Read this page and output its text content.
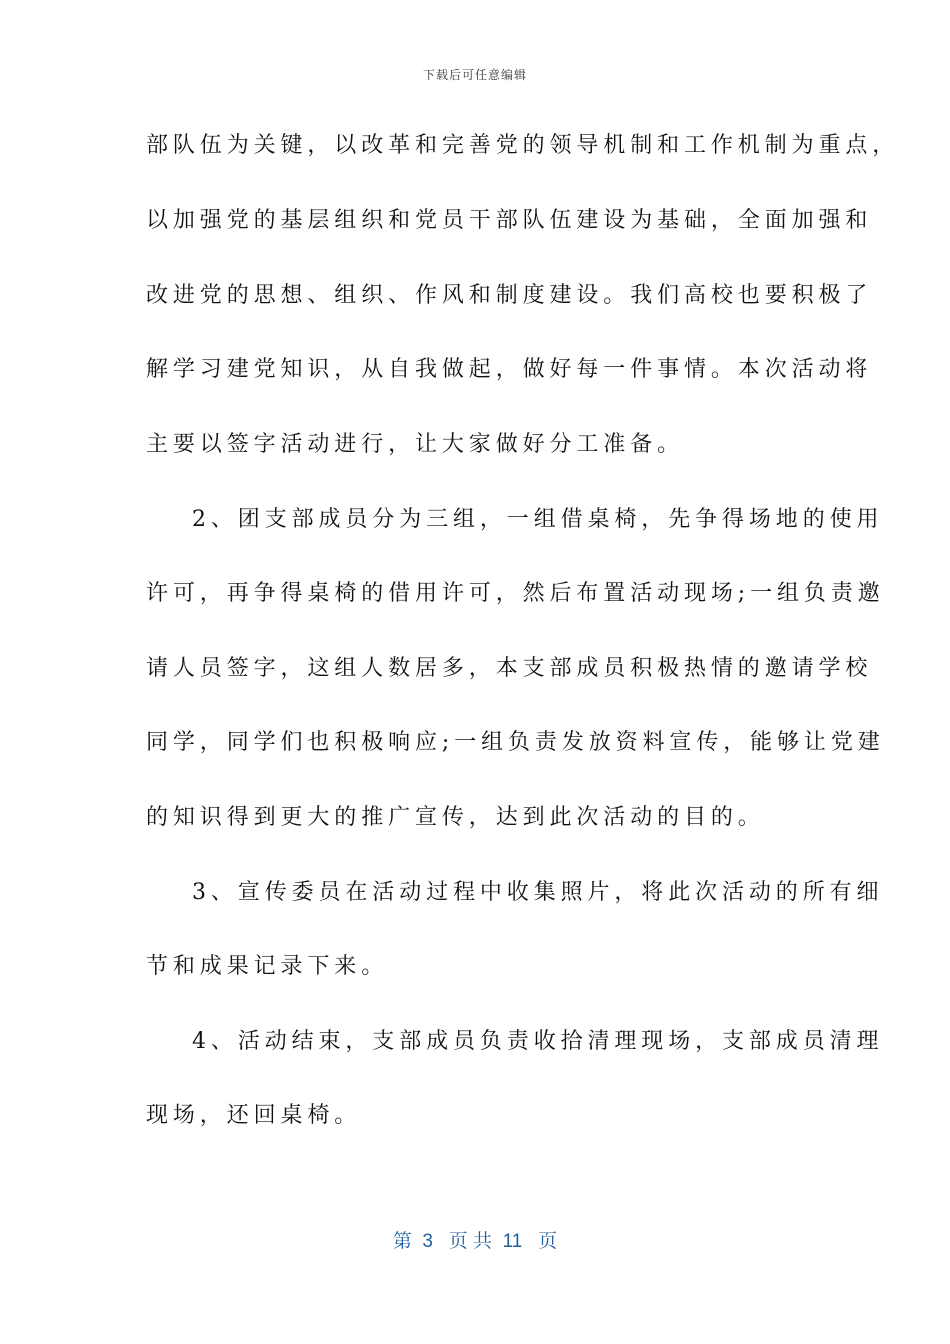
下载后可任意编辑
部队伍为关键，以改革和完善党的领导机制和工作机制为重点，
以加强党的基层组织和党员干部队伍建设为基础，全面加强和
改进党的思想、组织、作风和制度建设。我们高校也要积极了
解学习建党知识，从自我做起，做好每一件事情。本次活动将
主要以签字活动进行，让大家做好分工准备。
2、团支部成员分为三组，一组借桌椅，先争得场地的使用
许可，再争得桌椅的借用许可，然后布置活动现场;一组负责邀
请人员签字，这组人数居多，本支部成员积极热情的邀请学校
同学，同学们也积极响应;一组负责发放资料宣传，能够让党建
的知识得到更大的推广宣传，达到此次活动的目的。
3、宣传委员在活动过程中收集照片，将此次活动的所有细
节和成果记录下来。
4、活动结束，支部成员负责收拾清理现场，支部成员清理
现场，还回桌椅。
第  3   页 共  11   页
